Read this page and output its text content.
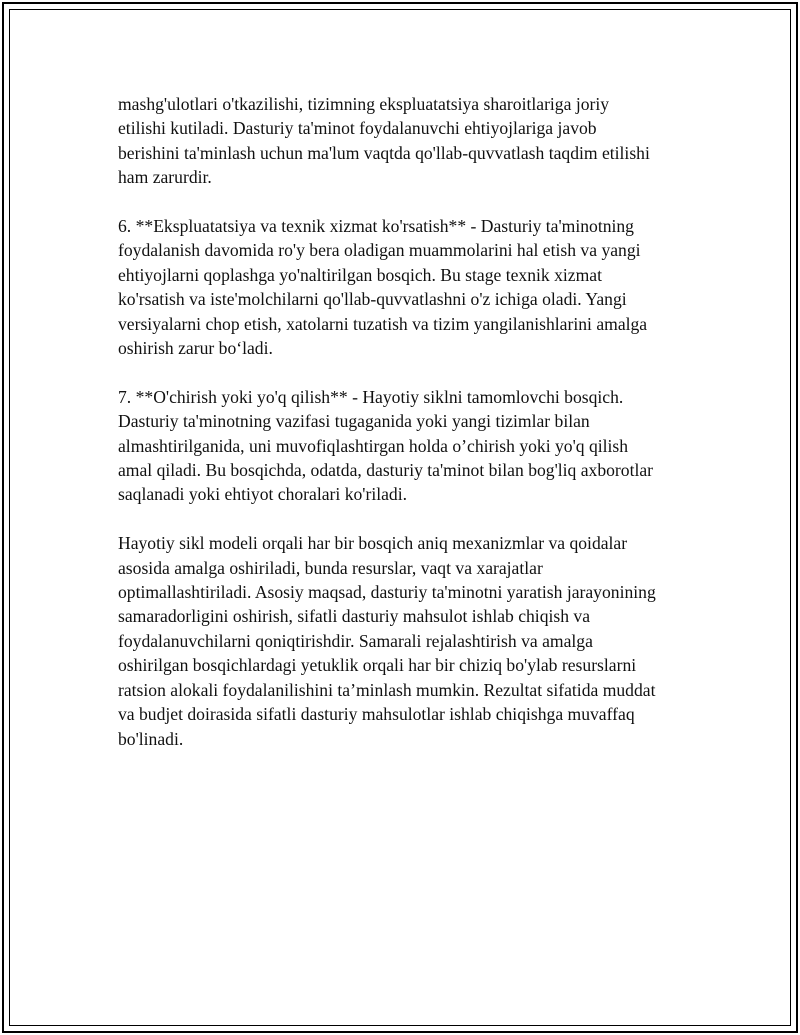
mashg'ulotlari o'tkazilishi, tizimning ekspluatatsiya sharoitlariga joriy
etilishi kutiladi. Dasturiy ta'minot foydalanuvchi ehtiyojlariga javob
berishini ta'minlash uchun ma'lum vaqtda qo'llab-quvvatlash taqdim etilishi
ham zarurdir.

6. **Ekspluatatsiya va texnik xizmat ko'rsatish** - Dasturiy ta'minotning
foydalanish davomida ro'y bera oladigan muammolarini hal etish va yangi
ehtiyojlarni qoplashga yo'naltirilgan bosqich. Bu stage texnik xizmat
ko'rsatish va iste'molchilarni qo'llab-quvvatlashni o'z ichiga oladi. Yangi
versiyalarni chop etish, xatolarni tuzatish va tizim yangilanishlarini amalga
oshirish zarur bo‘ladi.

7. **O'chirish yoki yo'q qilish** - Hayotiy siklni tamomlovchi bosqich.
Dasturiy ta'minotning vazifasi tugaganida yoki yangi tizimlar bilan
almashtirilganida, uni muvofiqlashtirgan holda o’chirish yoki yo'q qilish
amal qiladi. Bu bosqichda, odatda, dasturiy ta'minot bilan bog'liq axborotlar
saqlanadi yoki ehtiyot choralari ko'riladi.

Hayotiy sikl modeli orqali har bir bosqich aniq mexanizmlar va qoidalar
asosida amalga oshiriladi, bunda resurslar, vaqt va xarajatlar
optimallashtiriladi. Asosiy maqsad, dasturiy ta'minotni yaratish jarayonining
samaradorligini oshirish, sifatli dasturiy mahsulot ishlab chiqish va
foydalanuvchilarni qoniqtirishdir. Samarali rejalashtirish va amalga
oshirilgan bosqichlardagi yetuklik orqali har bir chiziq bo'ylab resurslarni
ratsion alokali foydalanilishini ta’minlash mumkin. Rezultat sifatida muddat
va budjet doirasida sifatli dasturiy mahsulotlar ishlab chiqishga muvaffaq
bo'linadi.
